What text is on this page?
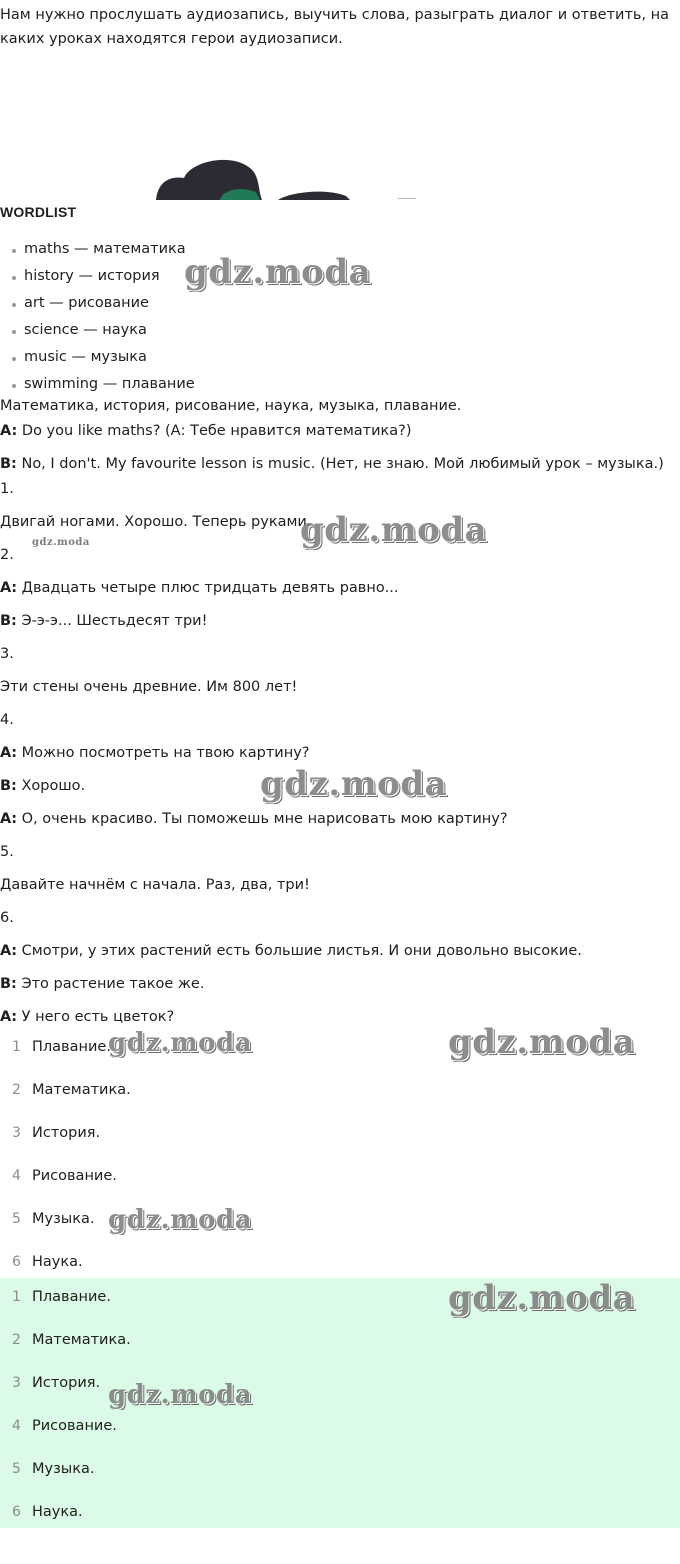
Нам нужно прослушать аудиозапись, выучить слова, разыграть диалог и ответить, на каких уроках находятся герои аудиозаписи.
WORDLIST
maths — математика
history — история
art — рисование
science — наука
music — музыка
swimming — плавание
Математика, история, рисование, наука, музыка, плавание.
A: Do you like maths? (А: Тебе нравится математика?)
B: No, I don't. My favourite lesson is music. (Нет, не знаю. Мой любимый урок – музыка.)
1.
Двигай ногами. Хорошо. Теперь руками.
2.
А: Двадцать четыре плюс тридцать девять равно...
В: Э-э-э... Шестьдесят три!
3.
Эти стены очень древние. Им 800 лет!
4.
А: Можно посмотреть на твою картину?
В: Хорошо.
А: О, очень красиво. Ты поможешь мне нарисовать мою картину?
5.
Давайте начнём с начала. Раз, два, три!
6.
А: Смотри, у этих растений есть большие листья. И они довольно высокие.
В: Это растение такое же.
А: У него есть цветок?
1 Плавание.
2 Математика.
3 История.
4 Рисование.
5 Музыка.
6 Наука.
1 Плавание.
2 Математика.
3 История.
4 Рисование.
5 Музыка.
6 Наука.
gdz.moda
gdz.moda
gdz.moda
gdz.moda
gdz.moda	gdz.moda
gdz.moda
gdz.moda
gdz.moda
